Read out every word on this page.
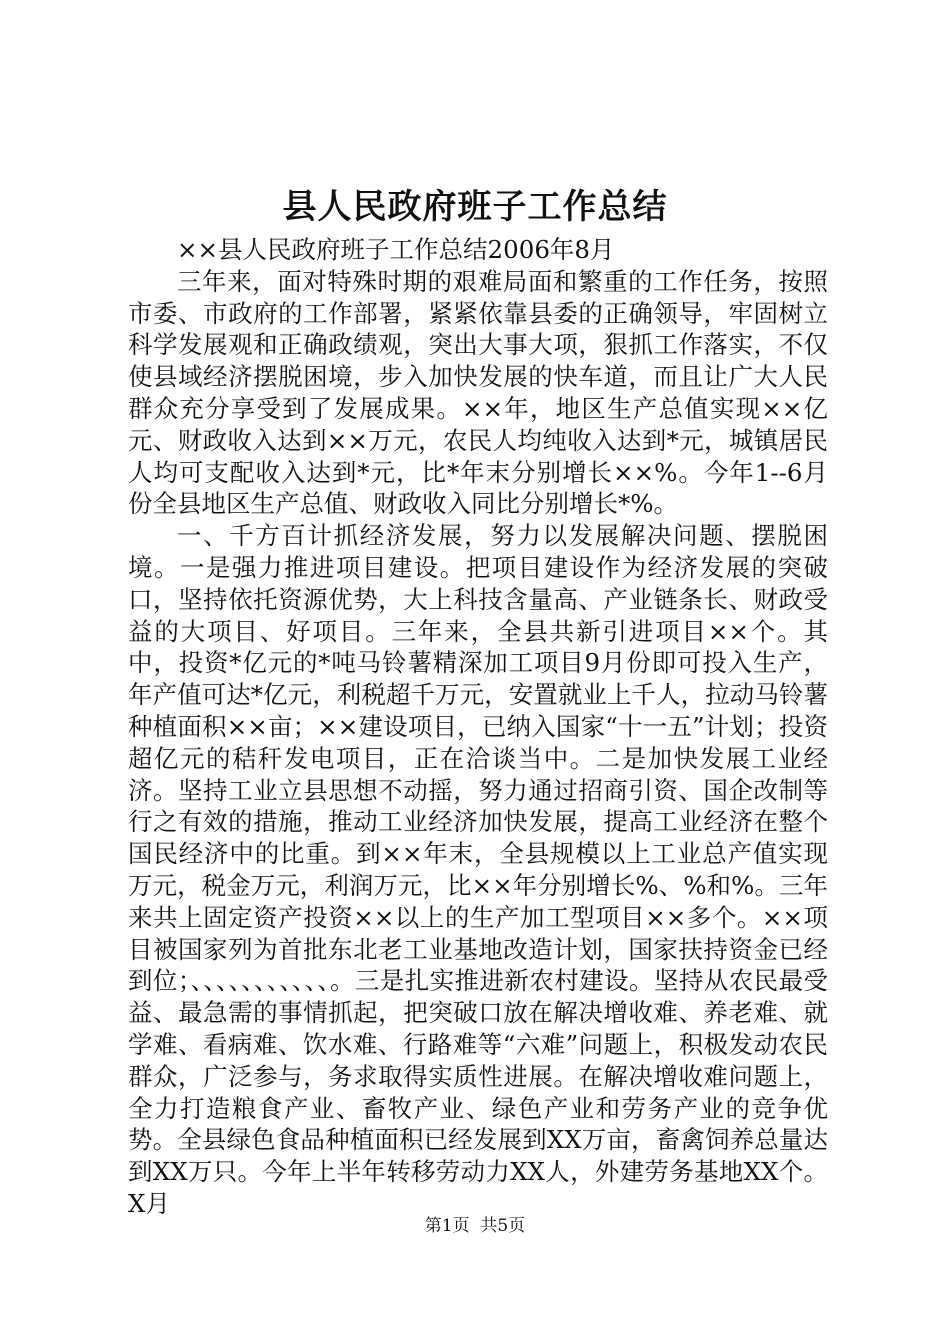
县人民政府班子工作总结

××县人民政府班子工作总结2006年8月

三年来，面对特殊时期的艰难局面和繁重的工作任务，按照市委、市政府的工作部署，紧紧依靠县委的正确领导，牢固树立科学发展观和正确政绩观，突出大事大项，狠抓工作落实，不仅使县域经济摆脱困境，步入加快发展的快车道，而且让广大人民群众充分享受到了发展成果。××年，地区生产总值实现××亿元、财政收入达到××万元，农民人均纯收入达到*元，城镇居民人均可支配收入达到*元，比*年末分别增长××%。今年1--6月份全县地区生产总值、财政收入同比分别增长*%。

一、千方百计抓经济发展，努力以发展解决问题、摆脱困境。一是强力推进项目建设。把项目建设作为经济发展的突破口，坚持依托资源优势，大上科技含量高、产业链条长、财政受益的大项目、好项目。三年来，全县共新引进项目××个。其中，投资*亿元的*吨马铃薯精深加工项目9月份即可投入生产，年产值可达*亿元，利税超千万元，安置就业上千人，拉动马铃薯种植面积××亩；××建设项目，已纳入国家“十一五”计划；投资超亿元的秸秆发电项目，正在洽谈当中。二是加快发展工业经济。坚持工业立县思想不动摇，努力通过招商引资、国企改制等行之有效的措施，推动工业经济加快发展，提高工业经济在整个国民经济中的比重。到××年末，全县规模以上工业总产值实现万元，税金万元，利润万元，比××年分别增长%、%和%。三年来共上固定资产投资××以上的生产加工型项目××多个。××项目被国家列为首批东北老工业基地改造计划，国家扶持资金已经到位；、、、、、、、、、、、。三是扎实推进新农村建设。坚持从农民最受益、最急需的事情抓起，把突破口放在解决增收难、养老难、就学难、看病难、饮水难、行路难等“六难”问题上，积极发动农民群众，广泛参与，务求取得实质性进展。在解决增收难问题上，全力打造粮食产业、畜牧产业、绿色产业和劳务产业的竞争优势。全县绿色食品种植面积已经发展到XX万亩，畜禽饲养总量达到XX万只。今年上半年转移劳动力XX人，外建劳务基地XX个。X月

第1页 共5页
